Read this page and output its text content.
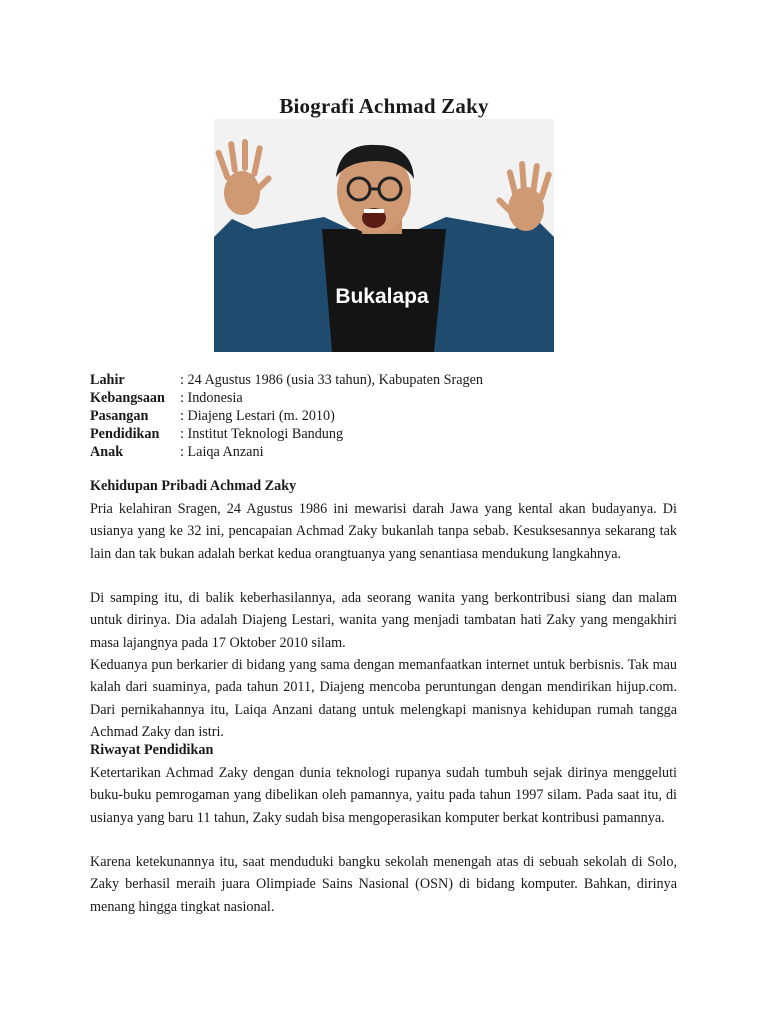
Biografi Achmad Zaky
Bukalapa
Lahir	: 24 Agustus 1986 (usia 33 tahun), Kabupaten Sragen
Kebangsaan	: Indonesia
Pasangan	: Diajeng Lestari (m. 2010)
Pendidikan	: Institut Teknologi Bandung
Anak	: Laiqa Anzani
Kehidupan Pribadi Achmad Zaky

Pria kelahiran Sragen, 24 Agustus 1986 ini mewarisi darah Jawa yang kental akan budayanya. Di usianya yang ke 32 ini, pencapaian Achmad Zaky bukanlah tanpa sebab. Kesuksesannya sekarang tak lain dan tak bukan adalah berkat kedua orangtuanya yang senantiasa mendukung langkahnya.

Di samping itu, di balik keberhasilannya, ada seorang wanita yang berkontribusi siang dan malam untuk dirinya. Dia adalah Diajeng Lestari, wanita yang menjadi tambatan hati Zaky yang mengakhiri masa lajangnya pada 17 Oktober 2010 silam.

Keduanya pun berkarier di bidang yang sama dengan memanfaatkan internet untuk berbisnis. Tak mau kalah dari suaminya, pada tahun 2011, Diajeng mencoba peruntungan dengan mendirikan hijup.com. Dari pernikahannya itu, Laiqa Anzani datang untuk melengkapi manisnya kehidupan rumah tangga Achmad Zaky dan istri.

Riwayat Pendidikan

Ketertarikan Achmad Zaky dengan dunia teknologi rupanya sudah tumbuh sejak dirinya menggeluti buku-buku pemrogaman yang dibelikan oleh pamannya, yaitu pada tahun 1997 silam. Pada saat itu, di usianya yang baru 11 tahun, Zaky sudah bisa mengoperasikan komputer berkat kontribusi pamannya.

Karena ketekunannya itu, saat menduduki bangku sekolah menengah atas di sebuah sekolah di Solo, Zaky berhasil meraih juara Olimpiade Sains Nasional (OSN) di bidang komputer. Bahkan, dirinya menang hingga tingkat nasional.
